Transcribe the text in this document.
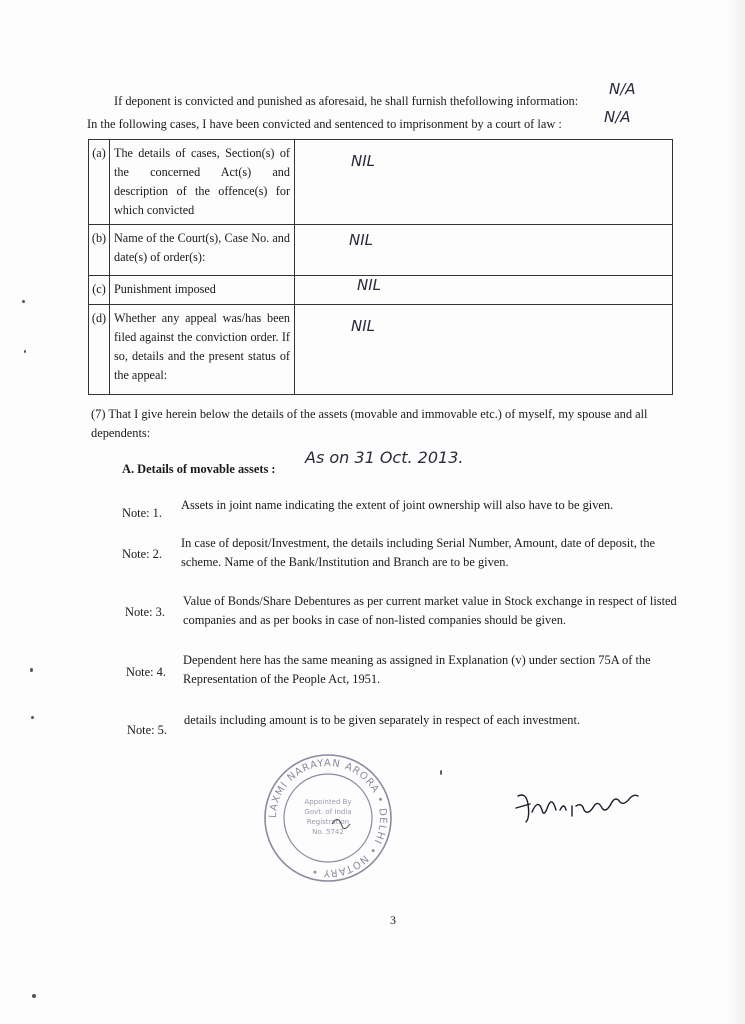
If deponent is convicted and punished as aforesaid, he shall furnish thefollowing information:
N/A
In the following cases, I have been convicted and sentenced to imprisonment by a court of law :	N/A
(a)	The details of cases, Section(s) of the concerned Act(s) and description of the offence(s) for which convicted	NIL
(b)	Name of the Court(s), Case No. and date(s) of order(s):	NIL
(c)	Punishment imposed	NIL
(d)	Whether any appeal was/has been filed against the conviction order. If so, details and the present status of the appeal:	NIL
(7) That I give herein below the details of the assets (movable and immovable etc.) of myself, my spouse and all
dependents:
A. Details of movable assets :
As on 31 Oct. 2013.
Note: 1.
Assets in joint name indicating the extent of joint ownership will also have to be given.
Note: 2.
In case of deposit/Investment, the details including Serial Number, Amount, date of deposit, the scheme. Name of the Bank/Institution and Branch are to be given.
Note: 3.
Value of Bonds/Share Debentures as per current market value in Stock exchange in respect of listed companies and as per books in case of non-listed companies should be given.
Note: 4.
Dependent here has the same meaning as assigned in Explanation (v) under section 75A of the Representation of the People Act, 1951.
Note: 5.
details including amount is to be given separately in respect of each investment.
LAXMI NARAYAN ARORA • DELHI • NOTARY •
Appointed By
Govt. of India
Registration
No. 5742
3
